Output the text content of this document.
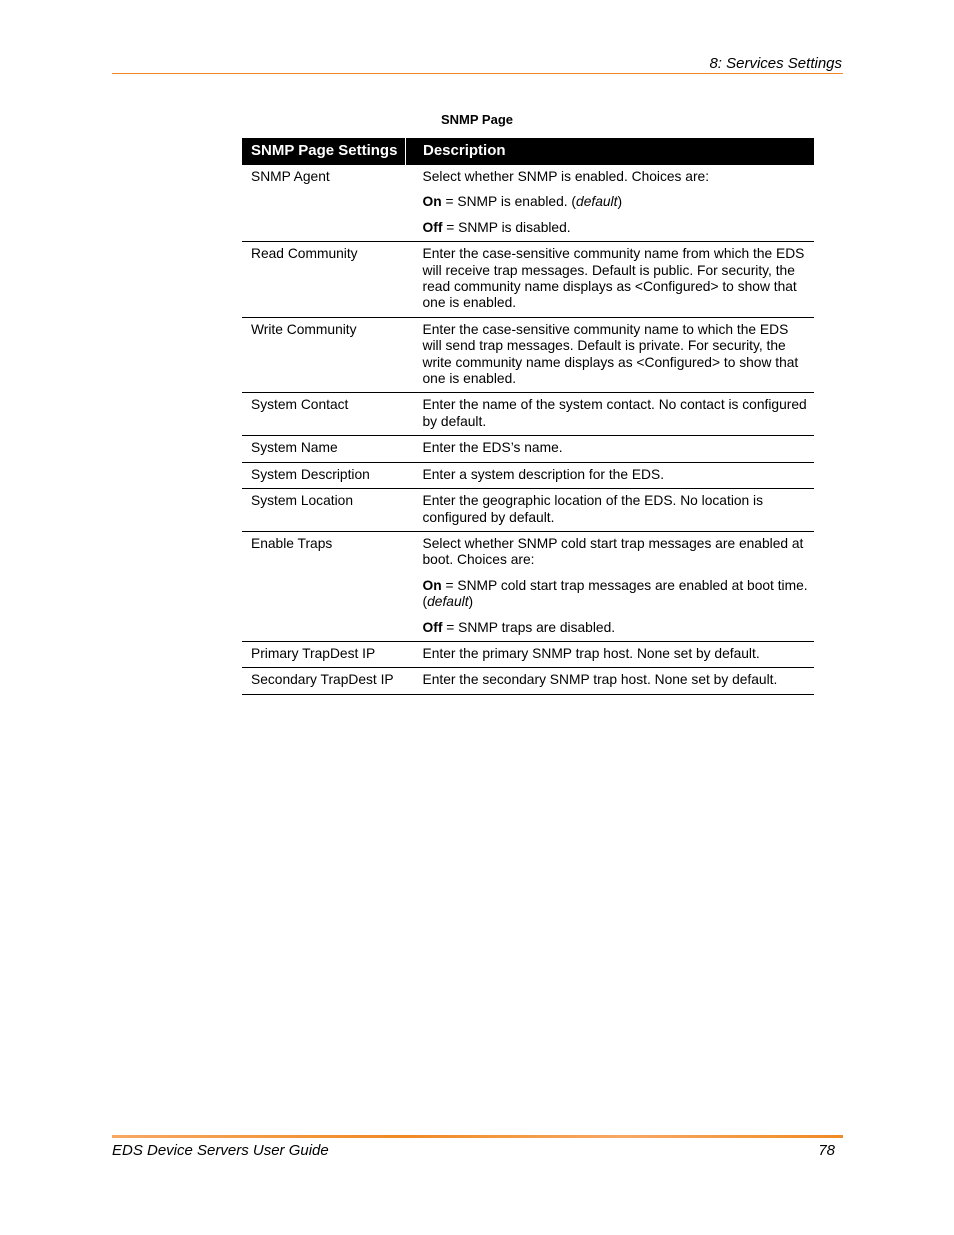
8: Services Settings
SNMP Page
SNMP Page Settings	Description
SNMP Agent	Select whether SNMP is enabled. Choices are:

On = SNMP is enabled. (default)

Off = SNMP is disabled.

Read Community	Enter the case-sensitive community name from which the EDS will receive trap messages. Default is public. For security, the read community name displays as <Configured> to show that one is enabled.

Write Community	Enter the case-sensitive community name to which the EDS will send trap messages. Default is private. For security, the write community name displays as <Configured> to show that one is enabled.

System Contact	Enter the name of the system contact. No contact is configured by default.

System Name	Enter the EDS’s name.

System Description	Enter a system description for the EDS.

System Location	Enter the geographic location of the EDS. No location is configured by default.

Enable Traps	Select whether SNMP cold start trap messages are enabled at boot. Choices are:

On = SNMP cold start trap messages are enabled at boot time. (default)

Off = SNMP traps are disabled.

Primary TrapDest IP	Enter the primary SNMP trap host. None set by default.

Secondary TrapDest IP	Enter the secondary SNMP trap host. None set by default.

EDS Device Servers User Guide	78
